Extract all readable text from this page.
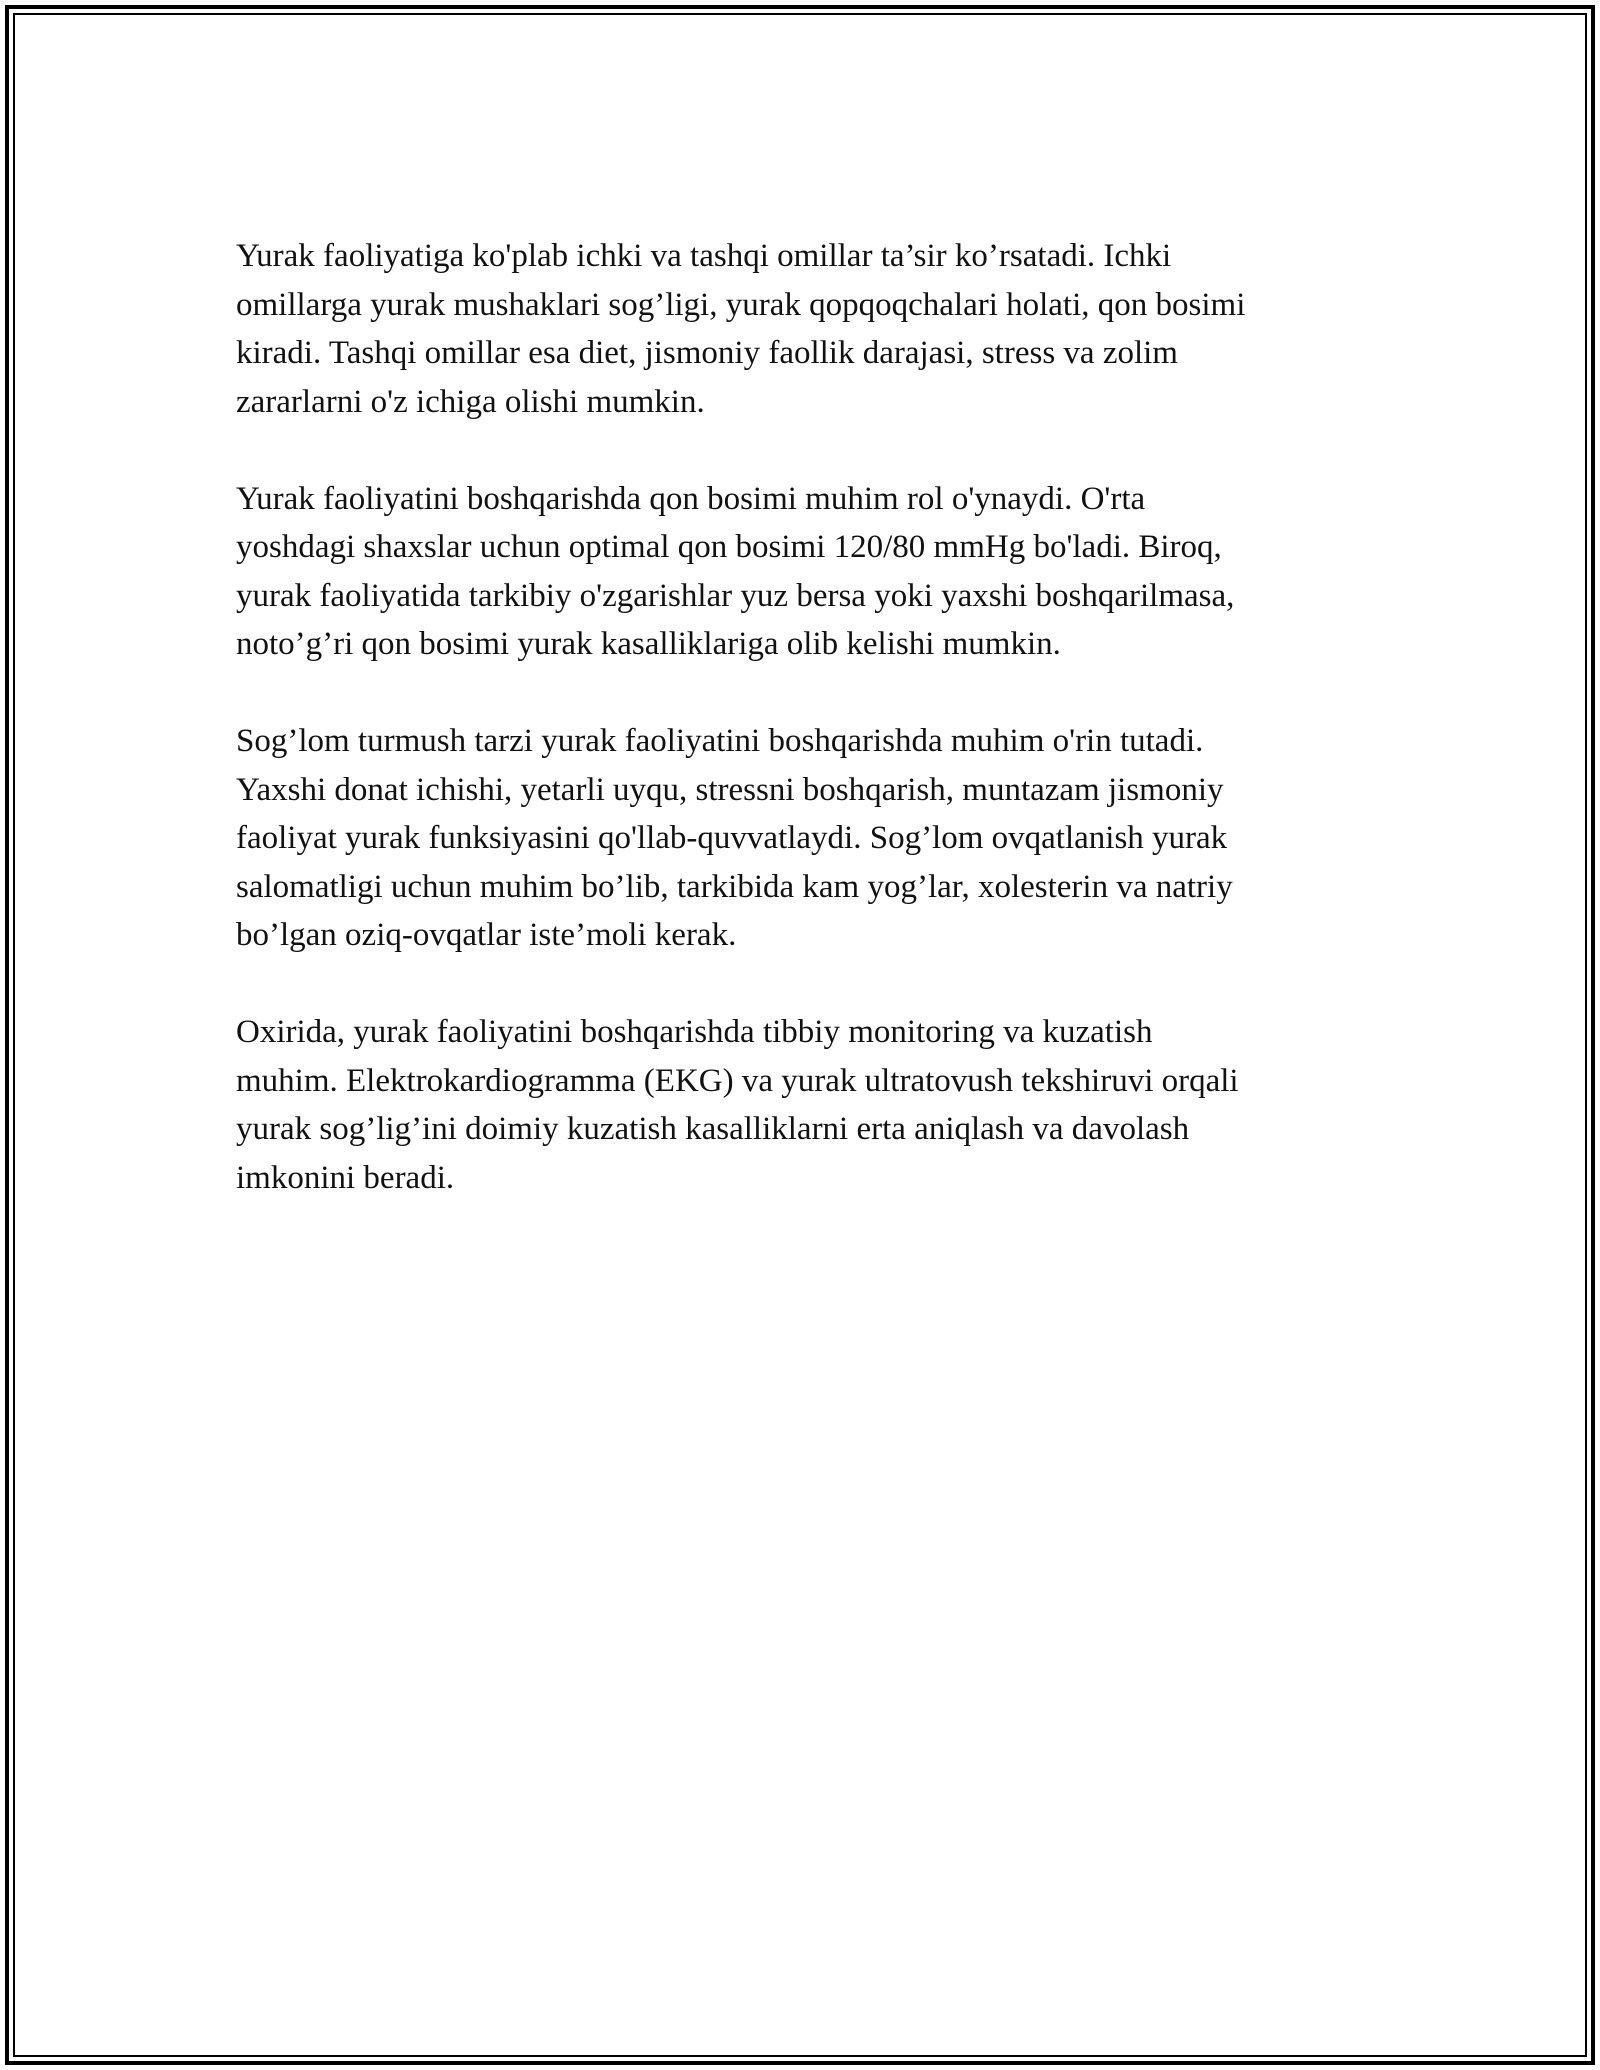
Yurak faoliyatiga ko'plab ichki va tashqi omillar ta’sir ko’rsatadi. Ichki
omillarga yurak mushaklari sog’ligi, yurak qopqoqchalari holati, qon bosimi
kiradi. Tashqi omillar esa diet, jismoniy faollik darajasi, stress va zolim
zararlarni o'z ichiga olishi mumkin.

Yurak faoliyatini boshqarishda qon bosimi muhim rol o'ynaydi. O'rta
yoshdagi shaxslar uchun optimal qon bosimi 120/80 mmHg bo'ladi. Biroq,
yurak faoliyatida tarkibiy o'zgarishlar yuz bersa yoki yaxshi boshqarilmasa,
noto’g’ri qon bosimi yurak kasalliklariga olib kelishi mumkin.

Sog’lom turmush tarzi yurak faoliyatini boshqarishda muhim o'rin tutadi.
Yaxshi donat ichishi, yetarli uyqu, stressni boshqarish, muntazam jismoniy
faoliyat yurak funksiyasini qo'llab-quvvatlaydi. Sog’lom ovqatlanish yurak
salomatligi uchun muhim bo’lib, tarkibida kam yog’lar, xolesterin va natriy
bo’lgan oziq-ovqatlar iste’moli kerak.

Oxirida, yurak faoliyatini boshqarishda tibbiy monitoring va kuzatish
muhim. Elektrokardiogramma (EKG) va yurak ultratovush tekshiruvi orqali
yurak sog’lig’ini doimiy kuzatish kasalliklarni erta aniqlash va davolash
imkonini beradi.
